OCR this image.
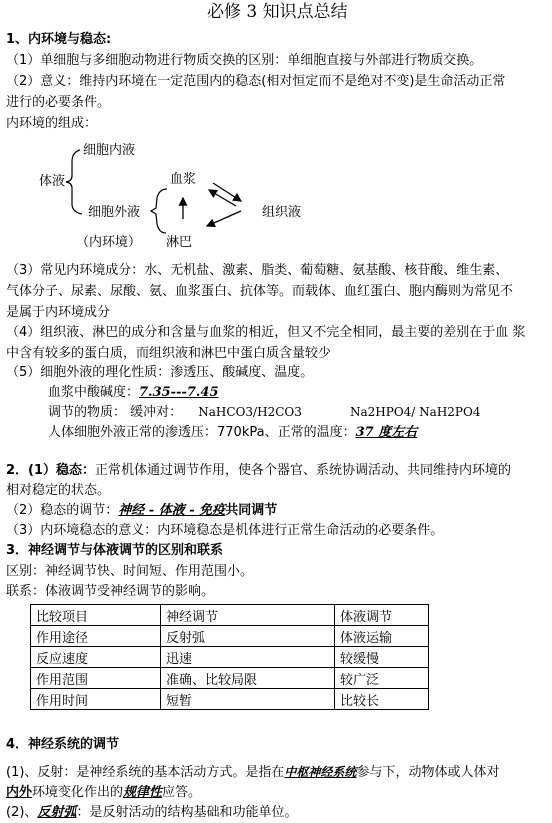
必修 3 知识点总结
1、内环境与稳态:
（1）单细胞与多细胞动物进行物质交换的区别：单细胞直接与外部进行物质交换。
（2）意义：维持内环境在一定范围内的稳态(相对恒定而不是绝对不变)是生命活动正常
进行的必要条件。
内环境的组成：
细胞内液
体液	血浆
细胞外液	组织液
（内环境） 淋巴
（3）常见内环境成分：水、无机盐、激素、脂类、葡萄糖、氨基酸、核苷酸、维生素、
气体分子、尿素、尿酸、氨、血浆蛋白、抗体等。而载体、血红蛋白、胞内酶则为常见不
是属于内环境成分
（4）组织液、淋巴的成分和含量与血浆的相近，但又不完全相同，最主要的差别在于血 浆
中含有较多的蛋白质，而组织液和淋巴中蛋白质含量较少
（5）细胞外液的理化性质：渗透压、酸碱度、温度。
血浆中酸碱度：7.35---7.45
调节的物质： 缓冲对： NaHCO3/H2CO3	Na2HPO4/ NaH2PO4
人体细胞外液正常的渗透压：770kPa、正常的温度：37 度左右
2．(1）稳态：正常机体通过调节作用，使各个器官、系统协调活动、共同维持内环境的
相对稳定的状态。
（2）稳态的调节：神经 - 体液 - 免疫共同调节
（3）内环境稳态的意义：内环境稳态是机体进行正常生命活动的必要条件。
3．神经调节与体液调节的区别和联系
区别：神经调节快、时间短、作用范围小。
联系：体液调节受神经调节的影响。
比较项目	神经调节	体液调节
作用途径	反射弧	体液运输
反应速度	迅速	较缓慢
作用范围	准确、比较局限	较广泛
作用时间	短暂	比较长
4．神经系统的调节
(1)、反射：是神经系统的基本活动方式。是指在中枢神经系统参与下，动物体或人体对
内外环境变化作出的规律性应答。
(2)、反射弧：是反射活动的结构基础和功能单位。
